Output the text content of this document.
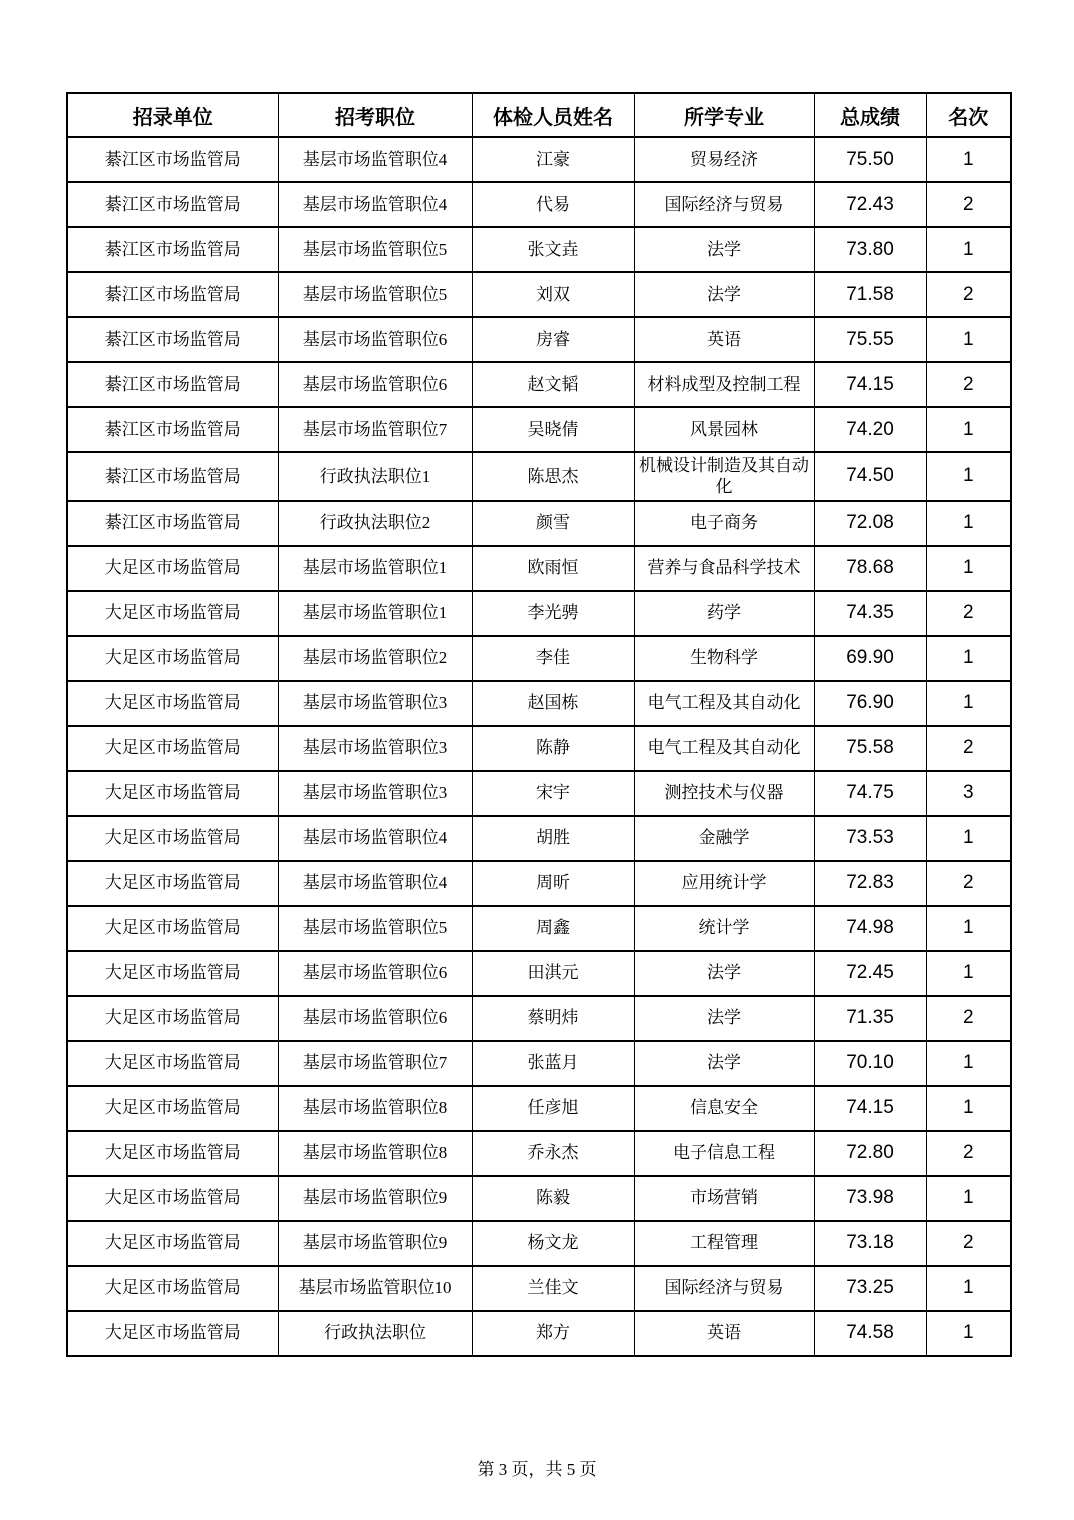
招录单位	招考职位	体检人员姓名	所学专业	总成绩	名次
綦江区市场监管局	基层市场监管职位4	江豪	贸易经济	75.50	1
綦江区市场监管局	基层市场监管职位4	代易	国际经济与贸易	72.43	2
綦江区市场监管局	基层市场监管职位5	张文垚	法学	73.80	1
綦江区市场监管局	基层市场监管职位5	刘双	法学	71.58	2
綦江区市场监管局	基层市场监管职位6	房睿	英语	75.55	1
綦江区市场监管局	基层市场监管职位6	赵文韬	材料成型及控制工程	74.15	2
綦江区市场监管局	基层市场监管职位7	吴晓倩	风景园林	74.20	1
綦江区市场监管局	行政执法职位1	陈思杰	机械设计制造及其自动化	74.50	1
綦江区市场监管局	行政执法职位2	颜雪	电子商务	72.08	1
大足区市场监管局	基层市场监管职位1	欧雨恒	营养与食品科学技术	78.68	1
大足区市场监管局	基层市场监管职位1	李光骋	药学	74.35	2
大足区市场监管局	基层市场监管职位2	李佳	生物科学	69.90	1
大足区市场监管局	基层市场监管职位3	赵国栋	电气工程及其自动化	76.90	1
大足区市场监管局	基层市场监管职位3	陈静	电气工程及其自动化	75.58	2
大足区市场监管局	基层市场监管职位3	宋宇	测控技术与仪器	74.75	3
大足区市场监管局	基层市场监管职位4	胡胜	金融学	73.53	1
大足区市场监管局	基层市场监管职位4	周昕	应用统计学	72.83	2
大足区市场监管局	基层市场监管职位5	周鑫	统计学	74.98	1
大足区市场监管局	基层市场监管职位6	田淇元	法学	72.45	1
大足区市场监管局	基层市场监管职位6	蔡明炜	法学	71.35	2
大足区市场监管局	基层市场监管职位7	张蓝月	法学	70.10	1
大足区市场监管局	基层市场监管职位8	任彦旭	信息安全	74.15	1
大足区市场监管局	基层市场监管职位8	乔永杰	电子信息工程	72.80	2
大足区市场监管局	基层市场监管职位9	陈毅	市场营销	73.98	1
大足区市场监管局	基层市场监管职位9	杨文龙	工程管理	73.18	2
大足区市场监管局	基层市场监管职位10	兰佳文	国际经济与贸易	73.25	1
大足区市场监管局	行政执法职位	郑方	英语	74.58	1
第 3 页，共 5 页
